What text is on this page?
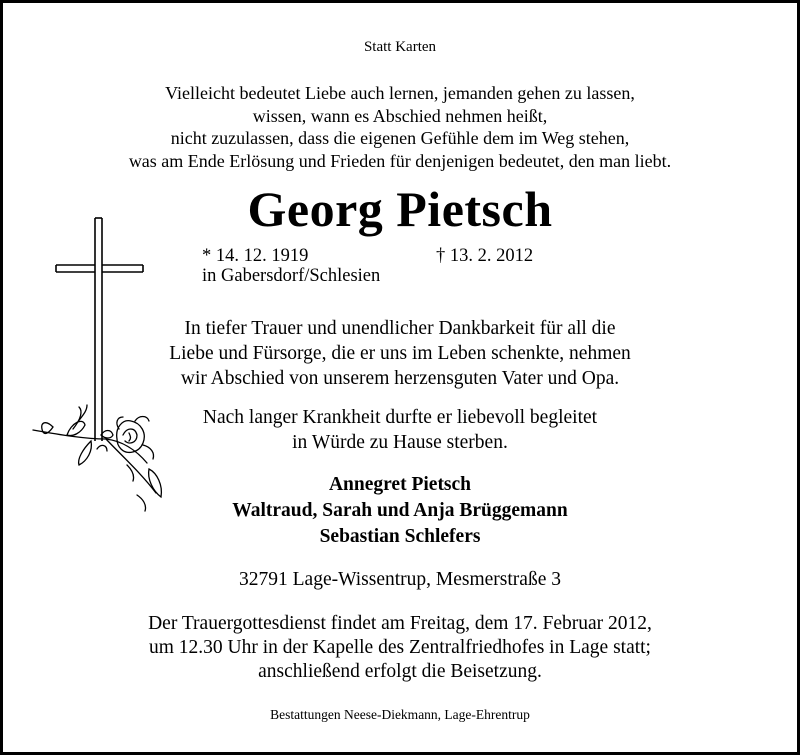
Statt Karten
Vielleicht bedeutet Liebe auch lernen, jemanden gehen zu lassen,
wissen, wann es Abschied nehmen heißt,
nicht zuzulassen, dass die eigenen Gefühle dem im Weg stehen,
was am Ende Erlösung und Frieden für denjenigen bedeutet, den man liebt.
Georg Pietsch
* 14. 12. 1919	† 13. 2. 2012
in Gabersdorf/Schlesien
In tiefer Trauer und unendlicher Dankbarkeit für all die
Liebe und Fürsorge, die er uns im Leben schenkte, nehmen
wir Abschied von unserem herzensguten Vater und Opa.
Nach langer Krankheit durfte er liebevoll begleitet
in Würde zu Hause sterben.
Annegret Pietsch
Waltraud, Sarah und Anja Brüggemann
Sebastian Schlefers
32791 Lage-Wissentrup, Mesmerstraße 3
Der Trauergottesdienst findet am Freitag, dem 17. Februar 2012,
um 12.30 Uhr in der Kapelle des Zentralfriedhofes in Lage statt;
anschließend erfolgt die Beisetzung.
Bestattungen Neese-Diekmann, Lage-Ehrentrup
